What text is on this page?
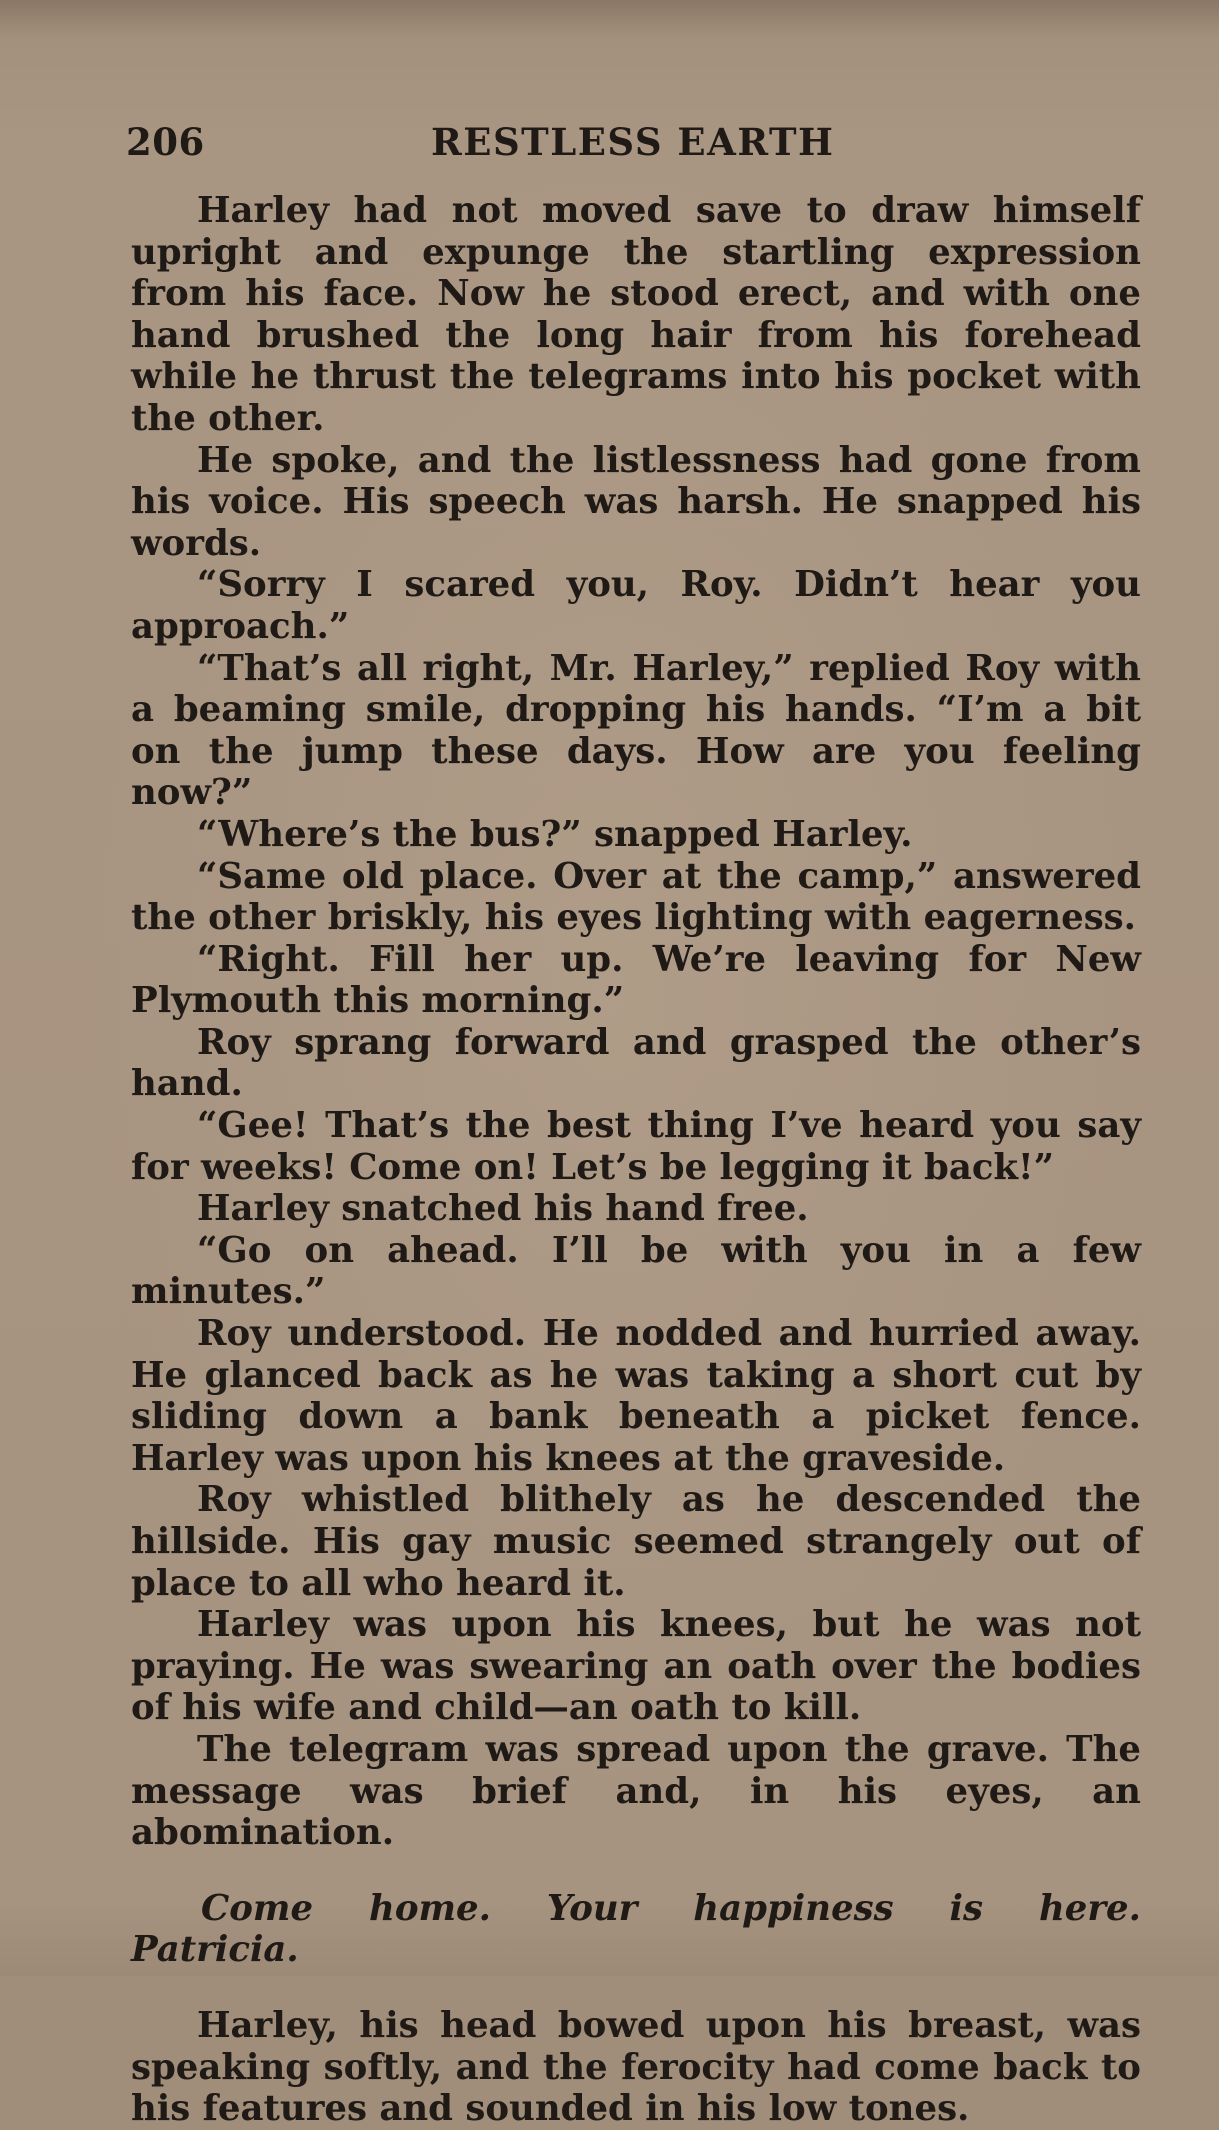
206	RESTLESS EARTH

Harley had not moved save to draw himself upright and expunge the startling expression from his face. Now he stood erect, and with one hand brushed the long hair from his forehead while he thrust the telegrams into his pocket with the other.

He spoke, and the listlessness had gone from his voice. His speech was harsh. He snapped his words.

“Sorry I scared you, Roy. Didn’t hear you approach.”

“That’s all right, Mr. Harley,” replied Roy with a beaming smile, dropping his hands. “I’m a bit on the jump these days. How are you feeling now?”

“Where’s the bus?” snapped Harley.

“Same old place. Over at the camp,” answered the other briskly, his eyes lighting with eagerness.

“Right. Fill her up. We’re leaving for New Plymouth this morning.”

Roy sprang forward and grasped the other’s hand.

“Gee! That’s the best thing I’ve heard you say for weeks! Come on! Let’s be legging it back!”

Harley snatched his hand free.

“Go on ahead. I’ll be with you in a few minutes.”

Roy understood. He nodded and hurried away. He glanced back as he was taking a short cut by sliding down a bank beneath a picket fence. Harley was upon his knees at the graveside.

Roy whistled blithely as he descended the hillside. His gay music seemed strangely out of place to all who heard it.

Harley was upon his knees, but he was not praying. He was swearing an oath over the bodies of his wife and child—an oath to kill.

The telegram was spread upon the grave. The message was brief and, in his eyes, an abomination.

Come home. Your happiness is here. Patricia.

Harley, his head bowed upon his breast, was speaking softly, and the ferocity had come back to his features and sounded in his low tones.
